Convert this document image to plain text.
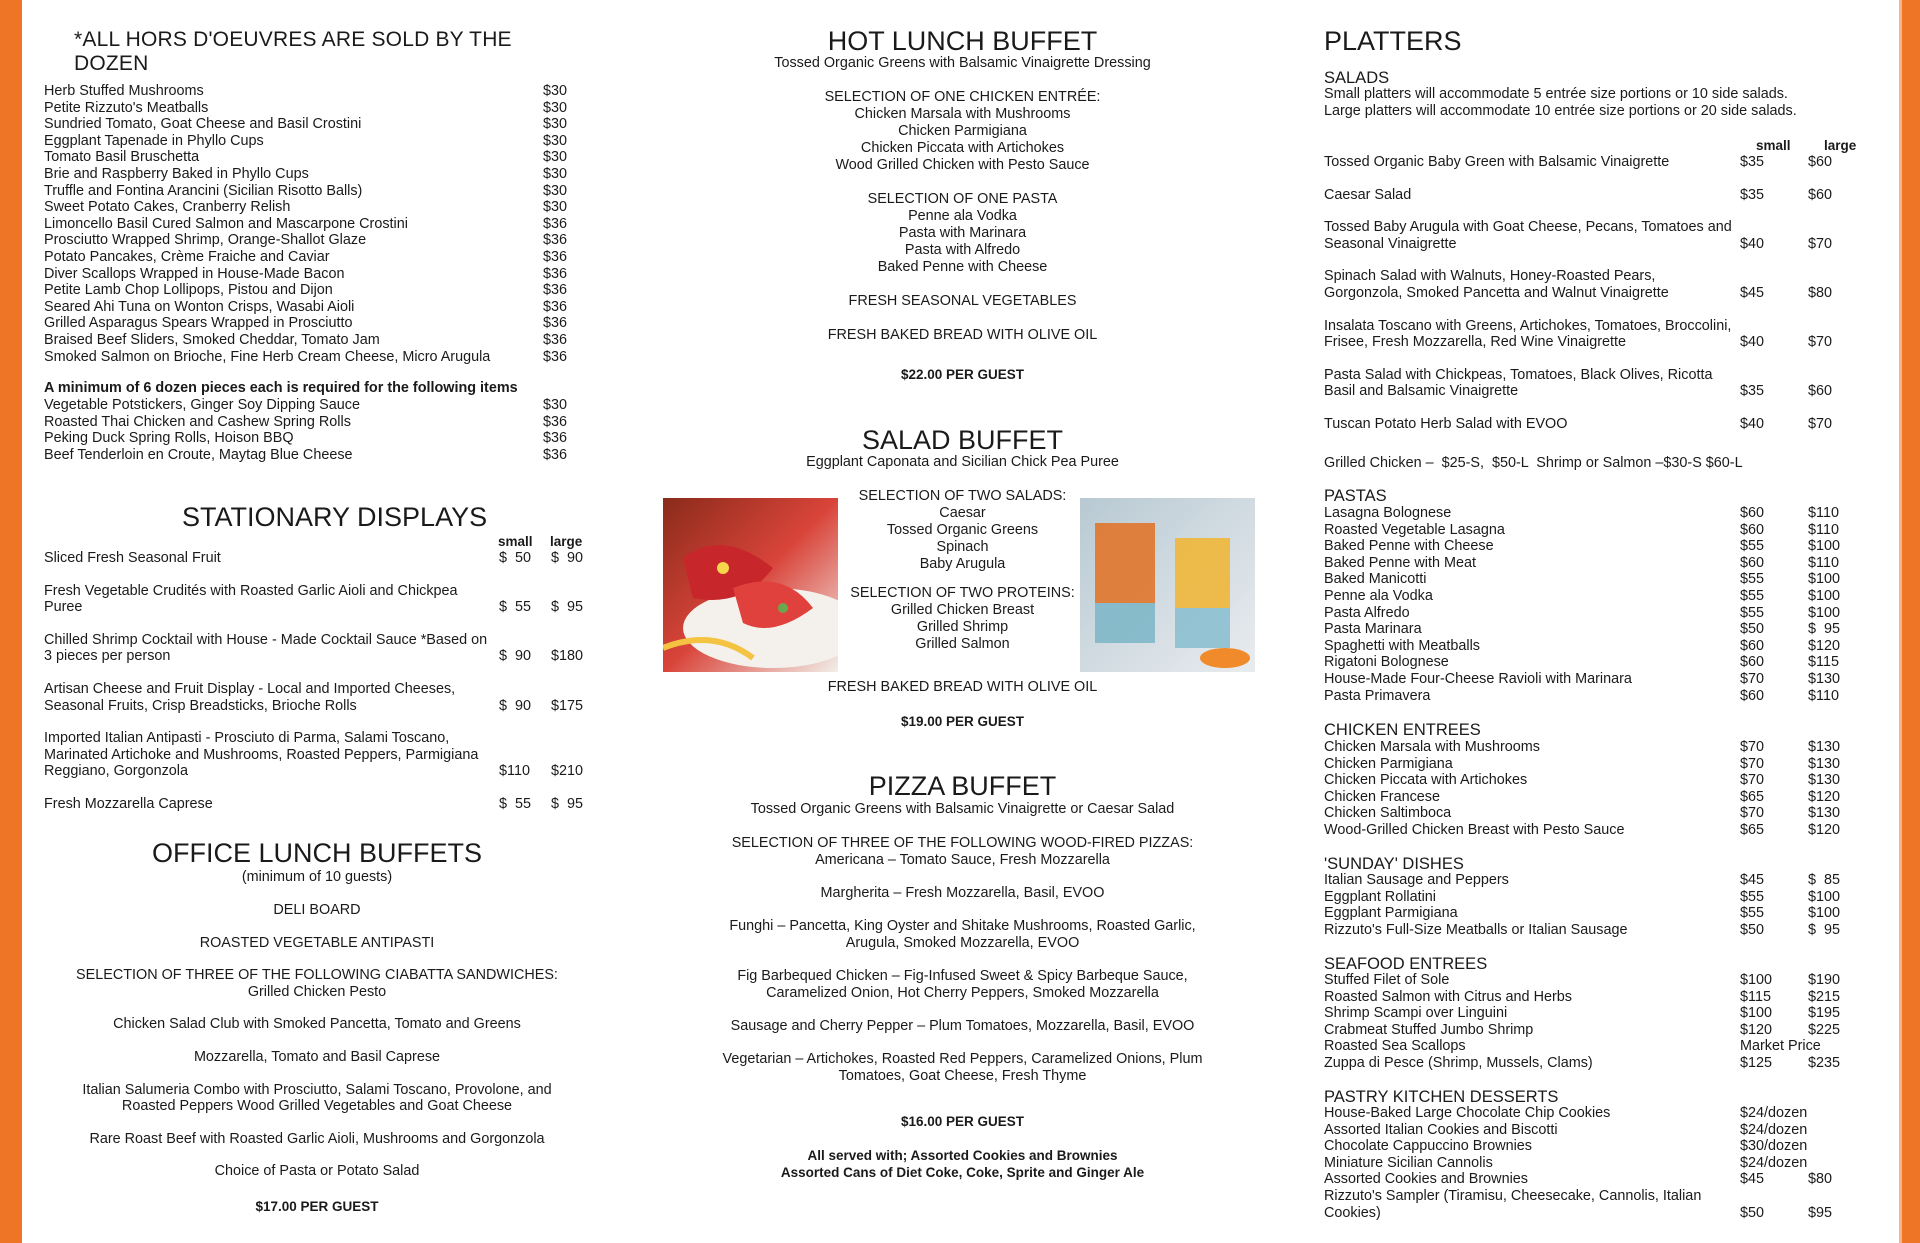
*ALL HORS D'OEUVRES ARE SOLD BY THE DOZEN
Herb Stuffed Mushrooms	$30
Petite Rizzuto's Meatballs	$30
Sundried Tomato, Goat Cheese and Basil Crostini	$30
Eggplant Tapenade in Phyllo Cups	$30
Tomato Basil Bruschetta	$30
Brie and Raspberry Baked in Phyllo Cups	$30
Truffle and Fontina Arancini (Sicilian Risotto Balls)	$30
Sweet Potato Cakes, Cranberry Relish	$30
Limoncello Basil Cured Salmon and Mascarpone Crostini	$36
Prosciutto Wrapped Shrimp, Orange-Shallot Glaze	$36
Potato Pancakes, Crème Fraiche and Caviar	$36
Diver Scallops Wrapped in House-Made Bacon	$36
Petite Lamb Chop Lollipops, Pistou and Dijon	$36
Seared Ahi Tuna on Wonton Crisps, Wasabi Aioli	$36
Grilled Asparagus Spears Wrapped in Prosciutto	$36
Braised Beef Sliders, Smoked Cheddar, Tomato Jam	$36
Smoked Salmon on Brioche, Fine Herb Cream Cheese, Micro Arugula	$36
A minimum of 6 dozen pieces each is required for the following items
Vegetable Potstickers, Ginger Soy Dipping Sauce	$30
Roasted Thai Chicken and Cashew Spring Rolls	$36
Peking Duck Spring Rolls, Hoison BBQ	$36
Beef Tenderloin en Croute, Maytag Blue Cheese	$36
STATIONARY DISPLAYS
small	large
Sliced Fresh Seasonal Fruit	$  50	$  90
Fresh Vegetable Crudités with Roasted Garlic Aioli and Chickpea Puree	$  55	$  95
Chilled Shrimp Cocktail with House - Made Cocktail Sauce *Based on 3 pieces per person	$  90	$180
Artisan Cheese and Fruit Display - Local and Imported Cheeses, Seasonal Fruits, Crisp Breadsticks, Brioche Rolls	$  90	$175
Imported Italian Antipasti - Prosciuto di Parma, Salami Toscano, Marinated Artichoke and Mushrooms, Roasted Peppers, Parmigiana Reggiano, Gorgonzola	$110	$210
Fresh Mozzarella Caprese	$  55	$  95
OFFICE LUNCH BUFFETS
(minimum of 10 guests)
DELI BOARD
ROASTED VEGETABLE ANTIPASTI
SELECTION OF THREE OF THE FOLLOWING CIABATTA SANDWICHES:
Grilled Chicken Pesto
Chicken Salad Club with Smoked Pancetta, Tomato and Greens
Mozzarella, Tomato and Basil Caprese
Italian Salumeria Combo with Prosciutto, Salami Toscano, Provolone, and
Roasted Peppers Wood Grilled Vegetables and Goat Cheese
Rare Roast Beef with Roasted Garlic Aioli, Mushrooms and Gorgonzola
Choice of Pasta or Potato Salad
$17.00 PER GUEST
HOT LUNCH BUFFET
Tossed Organic Greens with Balsamic Vinaigrette Dressing
SELECTION OF ONE CHICKEN ENTRÉE:
Chicken Marsala with Mushrooms
Chicken Parmigiana
Chicken Piccata with Artichokes
Wood Grilled Chicken with Pesto Sauce
SELECTION OF ONE PASTA
Penne ala Vodka
Pasta with Marinara
Pasta with Alfredo
Baked Penne with Cheese
FRESH SEASONAL VEGETABLES
FRESH BAKED BREAD WITH OLIVE OIL
$22.00 PER GUEST
SALAD BUFFET
Eggplant Caponata and Sicilian Chick Pea Puree
SELECTION OF TWO SALADS:
Caesar
Tossed Organic Greens
Spinach
Baby Arugula
SELECTION OF TWO PROTEINS:
Grilled Chicken Breast
Grilled Shrimp
Grilled Salmon
FRESH BAKED BREAD WITH OLIVE OIL
$19.00 PER GUEST
PIZZA BUFFET
Tossed Organic Greens with Balsamic Vinaigrette or Caesar Salad
SELECTION OF THREE OF THE FOLLOWING WOOD-FIRED PIZZAS:
Americana – Tomato Sauce, Fresh Mozzarella
Margherita – Fresh Mozzarella, Basil, EVOO
Funghi – Pancetta, King Oyster and Shitake Mushrooms, Roasted Garlic,
Arugula, Smoked Mozzarella, EVOO
Fig Barbequed Chicken – Fig-Infused Sweet & Spicy Barbeque Sauce,
Caramelized Onion, Hot Cherry Peppers, Smoked Mozzarella
Sausage and Cherry Pepper – Plum Tomatoes, Mozzarella, Basil, EVOO
Vegetarian – Artichokes, Roasted Red Peppers, Caramelized Onions, Plum
Tomatoes, Goat Cheese, Fresh Thyme
$16.00 PER GUEST
All served with; Assorted Cookies and Brownies
Assorted Cans of Diet Coke, Coke, Sprite and Ginger Ale
PLATTERS
SALADS
Small platters will accommodate 5 entrée size portions or 10 side salads.
Large platters will accommodate 10 entrée size portions or 20 side salads.
small	large
Tossed Organic Baby Green with Balsamic Vinaigrette	$35	$60
Caesar Salad	$35	$60
Tossed Baby Arugula with Goat Cheese, Pecans, Tomatoes and Seasonal Vinaigrette	$40	$70
Spinach Salad with Walnuts, Honey-Roasted Pears, Gorgonzola, Smoked Pancetta and Walnut Vinaigrette	$45	$80
Insalata Toscano with Greens, Artichokes, Tomatoes, Broccolini, Frisee, Fresh Mozzarella, Red Wine Vinaigrette	$40	$70
Pasta Salad with Chickpeas, Tomatoes, Black Olives, Ricotta Basil and Balsamic Vinaigrette	$35	$60
Tuscan Potato Herb Salad with EVOO	$40	$70
Grilled Chicken –  $25-S,  $50-L  Shrimp or Salmon –$30-S $60-L
PASTAS
Lasagna Bolognese	$60	$110
Roasted Vegetable Lasagna	$60	$110
Baked Penne with Cheese	$55	$100
Baked Penne with Meat	$60	$110
Baked Manicotti	$55	$100
Penne ala Vodka	$55	$100
Pasta Alfredo	$55	$100
Pasta Marinara	$50	$  95
Spaghetti with Meatballs	$60	$120
Rigatoni Bolognese	$60	$115
House-Made Four-Cheese Ravioli with Marinara	$70	$130
Pasta Primavera	$60	$110
CHICKEN ENTREES
Chicken Marsala with Mushrooms	$70	$130
Chicken Parmigiana	$70	$130
Chicken Piccata with Artichokes	$70	$130
Chicken Francese	$65	$120
Chicken Saltimboca	$70	$130
Wood-Grilled Chicken Breast with Pesto Sauce	$65	$120
'SUNDAY' DISHES
Italian Sausage and Peppers	$45	$  85
Eggplant Rollatini	$55	$100
Eggplant Parmigiana	$55	$100
Rizzuto's Full-Size Meatballs or Italian Sausage	$50	$  95
SEAFOOD ENTREES
Stuffed Filet of Sole	$100	$190
Roasted Salmon with Citrus and Herbs	$115	$215
Shrimp Scampi over Linguini	$100	$195
Crabmeat Stuffed Jumbo Shrimp	$120	$225
Roasted Sea Scallops	Market Price
Zuppa di Pesce (Shrimp, Mussels, Clams)	$125	$235
PASTRY KITCHEN DESSERTS
House-Baked Large Chocolate Chip Cookies	$24/dozen
Assorted Italian Cookies and Biscotti	$24/dozen
Chocolate Cappuccino Brownies	$30/dozen
Miniature Sicilian Cannolis	$24/dozen
Assorted Cookies and Brownies	$45	$80
Rizzuto's Sampler (Tiramisu, Cheesecake, Cannolis, Italian Cookies)	$50	$95
